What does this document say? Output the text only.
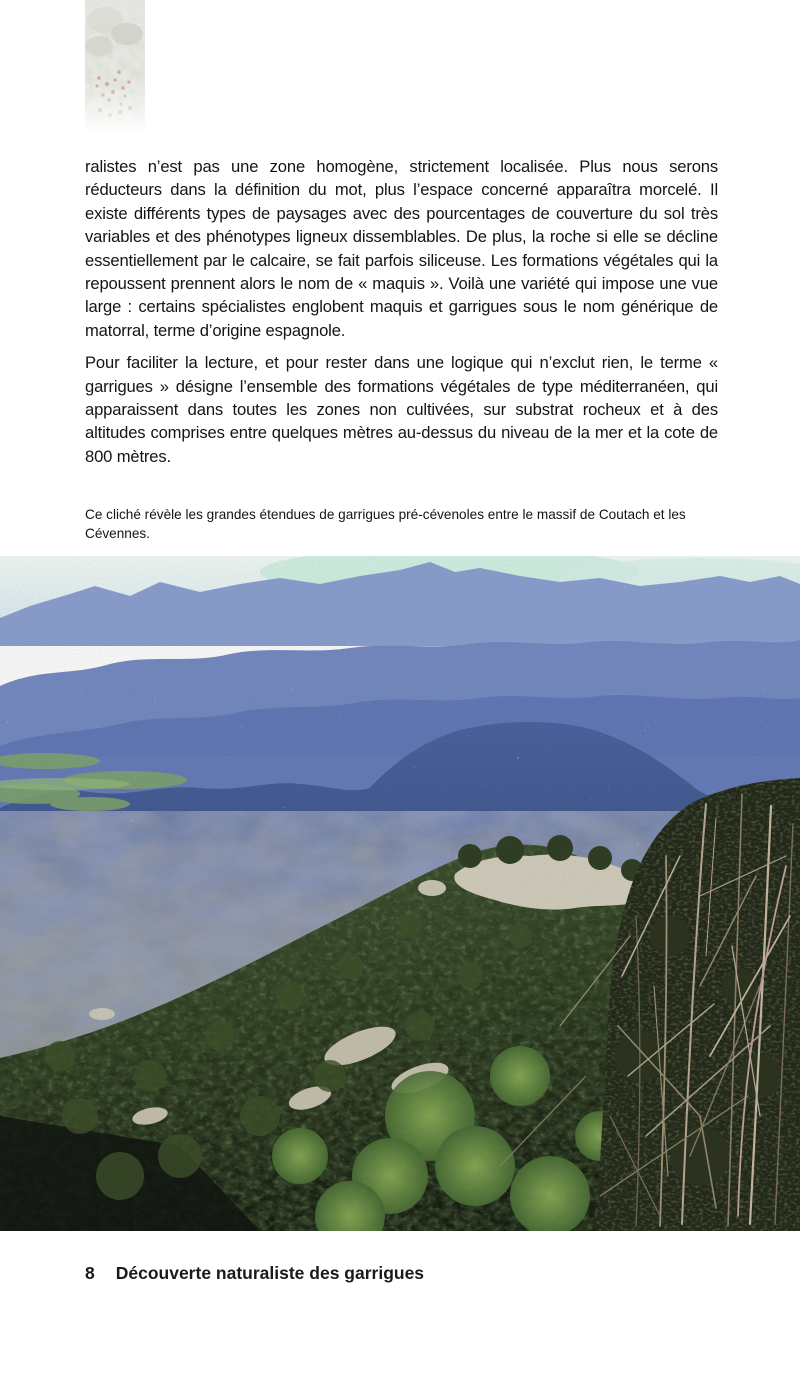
ralistes n’est pas une zone homogène, strictement localisée. Plus nous serons réducteurs dans la définition du mot, plus l’espace concerné apparaîtra morcelé. Il existe différents types de paysages avec des pourcentages de couverture du sol très variables et des phénotypes ligneux dissemblables. De plus, la roche si elle se décline essentiellement par le calcaire, se fait parfois siliceuse. Les formations végétales qui la repoussent prennent alors le nom de « maquis ». Voilà une variété qui impose une vue large : certains spécialistes englobent maquis et garrigues sous le nom générique de matorral, terme d’origine espagnole.

Pour faciliter la lecture, et pour rester dans une logique qui n’exclut rien, le terme « garrigues » désigne l’ensemble des formations végétales de type méditerranéen, qui apparaissent dans toutes les zones non cultivées, sur substrat rocheux et à des altitudes comprises entre quelques mètres au-dessus du niveau de la mer et la cote de 800 mètres.

Ce cliché révèle les grandes étendues de garrigues pré-cévenoles entre le massif de Coutach et les Cévennes.

8 Découverte naturaliste des garrigues
